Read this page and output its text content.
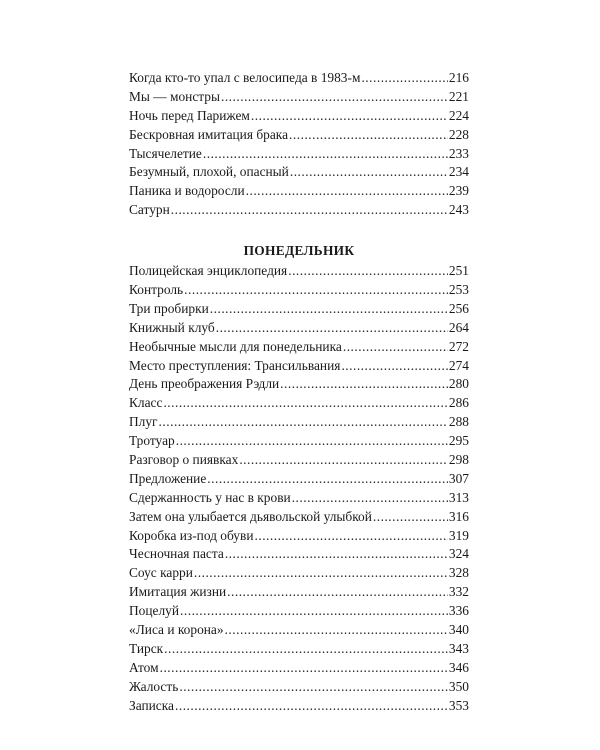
Когда кто-то упал с велосипеда в 1983-м .....	216
Мы — монстры .....	221
Ночь перед Парижем .....	224
Бескровная имитация брака .....	228
Тысячелетие .....	233
Безумный, плохой, опасный .....	234
Паника и водоросли .....	239
Сатурн .....	243
ПОНЕДЕЛЬНИК
Полицейская энциклопедия .....	251
Контроль .....	253
Три пробирки .....	256
Книжный клуб .....	264
Необычные мысли для понедельника .....	272
Место преступления: Трансильвания .....	274
День преображения Рэдли .....	280
Класс .....	286
Плуг .....	288
Тротуар .....	295
Разговор о пиявках .....	298
Предложение .....	307
Сдержанность у нас в крови .....	313
Затем она улыбается дьявольской улыбкой .....	316
Коробка из-под обуви .....	319
Чесночная паста .....	324
Соус карри .....	328
Имитация жизни .....	332
Поцелуй .....	336
«Лиса и корона» .....	340
Тирск .....	343
Атом .....	346
Жалость .....	350
Записка .....	353
